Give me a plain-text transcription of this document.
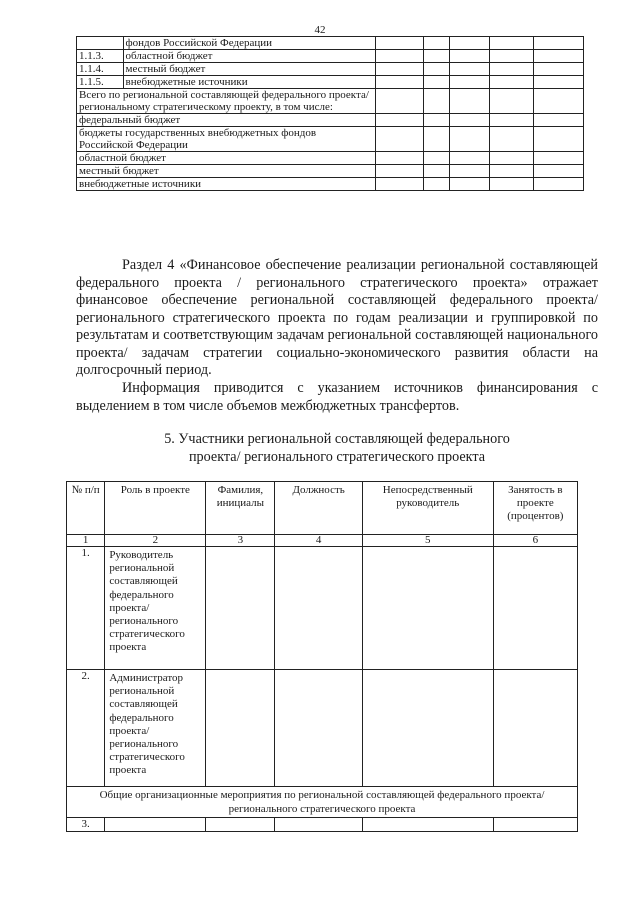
42
	фондов Российской Федерации					
1.1.3.	областной бюджет					
1.1.4.	местный бюджет					
1.1.5.	внебюджетные источники					
Всего по региональной составляющей федерального проекта/ региональному стратегическому проекту, в том числе:						
федеральный бюджет						
бюджеты государственных внебюджетных фондов Российской Федерации						
областной бюджет						
местный бюджет						
внебюджетные источники						

Раздел 4 «Финансовое обеспечение реализации региональной составляющей федерального проекта / регионального стратегического проекта» отражает финансовое обеспечение региональной составляющей федерального проекта/ регионального стратегического проекта по годам реализации и группировкой по результатам и соответствующим задачам региональной составляющей национального проекта/ задачам стратегии социально-экономического развития области на долгосрочный период.

Информация приводится с указанием источников финансирования с выделением в том числе объемов межбюджетных трансфертов.

5. Участники региональной составляющей федерального
проекта/ регионального стратегического проекта
№ п/п	Роль в проекте	Фамилия, инициалы	Должность	Непосредственный руководитель	Занятость в проекте (процентов)
1	2	3	4	5	6
1.	Руководитель региональной составляющей федерального проекта/ регионального стратегического проекта				
2.	Администратор региональной составляющей федерального проекта/ регионального стратегического проекта				
Общие организационные мероприятия по региональной составляющей федерального проекта/ регионального стратегического проекта					
3.					
